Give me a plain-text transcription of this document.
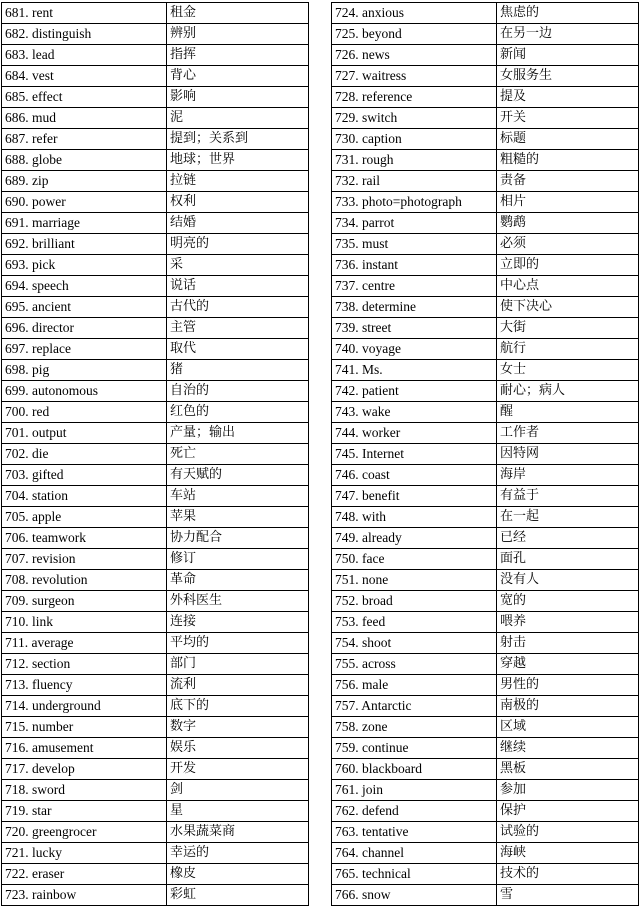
681. rent	租金
682. distinguish	辨别
683. lead	指挥
684. vest	背心
685. effect	影响
686. mud	泥
687. refer	提到；关系到
688. globe	地球；世界
689. zip	拉链
690. power	权利
691. marriage	结婚
692. brilliant	明亮的
693. pick	采
694. speech	说话
695. ancient	古代的
696. director	主管
697. replace	取代
698. pig	猪
699. autonomous	自治的
700. red	红色的
701. output	产量；输出
702. die	死亡
703. gifted	有天赋的
704. station	车站
705. apple	苹果
706. teamwork	协力配合
707. revision	修订
708. revolution	革命
709. surgeon	外科医生
710. link	连接
711. average	平均的
712. section	部门
713. fluency	流利
714. underground	底下的
715. number	数字
716. amusement	娱乐
717. develop	开发
718. sword	剑
719. star	星
720. greengrocer	水果蔬菜商
721. lucky	幸运的
722. eraser	橡皮
723. rainbow	彩虹
724. anxious	焦虑的
725. beyond	在另一边
726. news	新闻
727. waitress	女服务生
728. reference	提及
729. switch	开关
730. caption	标题
731. rough	粗糙的
732. rail	责备
733. photo=photograph	相片
734. parrot	鹦鹉
735. must	必须
736. instant	立即的
737. centre	中心点
738. determine	使下决心
739. street	大街
740. voyage	航行
741. Ms.	女士
742. patient	耐心；病人
743. wake	醒
744. worker	工作者
745. Internet	因特网
746. coast	海岸
747. benefit	有益于
748. with	在一起
749. already	已经
750. face	面孔
751. none	没有人
752. broad	宽的
753. feed	喂养
754. shoot	射击
755. across	穿越
756. male	男性的
757. Antarctic	南极的
758. zone	区域
759. continue	继续
760. blackboard	黑板
761. join	参加
762. defend	保护
763. tentative	试验的
764. channel	海峡
765. technical	技术的
766. snow	雪
